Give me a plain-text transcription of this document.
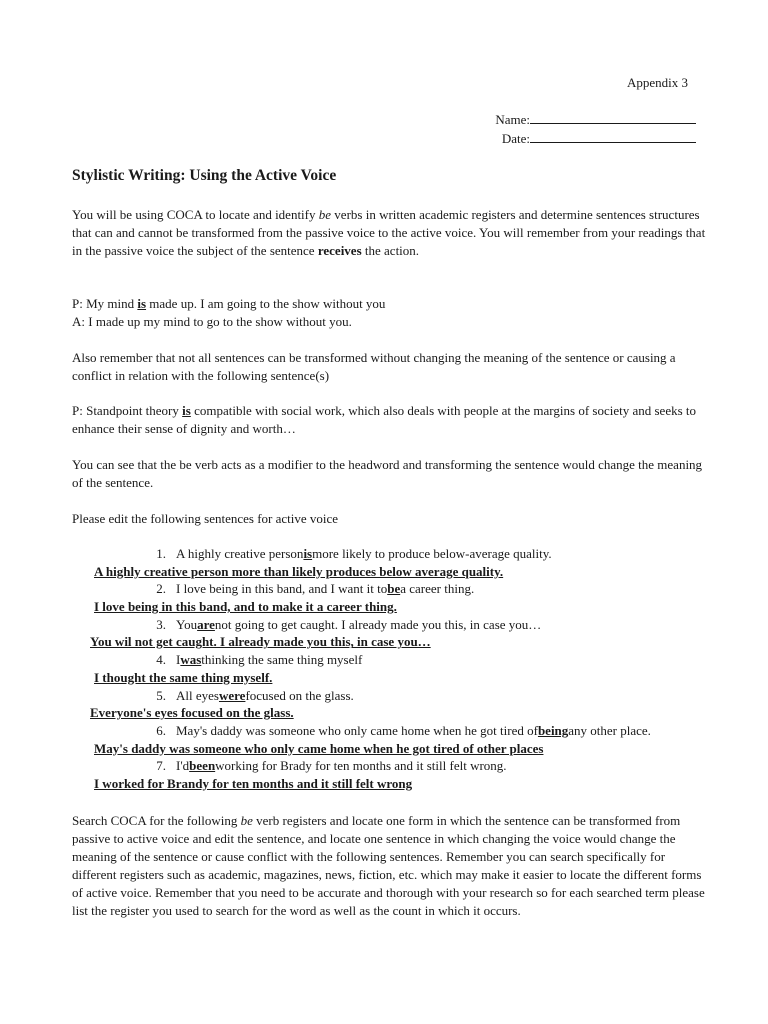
Appendix 3
Name:
Date:
Stylistic Writing: Using the Active Voice
You will be using COCA to locate and identify be verbs in written academic registers and determine sentences structures that can and cannot be transformed from the passive voice to the active voice. You will remember from your readings that in the passive voice the subject of the sentence receives the action.
P: My mind is made up. I am going to the show without you
A: I made up my mind to go to the show without you.
Also remember that not all sentences can be transformed without changing the meaning of the sentence or causing a conflict in relation with the following sentence(s)
P: Standpoint theory is compatible with social work, which also deals with people at the margins of society and seeks to enhance their sense of dignity and worth…
You can see that the be verb acts as a modifier to the headword and transforming the sentence would change the meaning of the sentence.
Please edit the following sentences for active voice
1. A highly creative person is more likely to produce below-average quality.
A highly creative person more than likely produces below average quality.
2. I love being in this band, and I want it to be a career thing.
I love being in this band, and to make it a career thing.
3. You are not going to get caught. I already made you this, in case you…
You wil not get caught. I already made you this, in case you…
4. I was thinking the same thing myself
I thought the same thing myself.
5. All eyes were focused on the glass.
Everyone's eyes focused on the glass.
6. May's daddy was someone who only came home when he got tired of being any other place.
May's daddy was someone who only came home when he got tired of other places
7. I'd been working for Brady for ten months and it still felt wrong.
I worked for Brandy for ten months and it still felt wrong
Search COCA for the following be verb registers and locate one form in which the sentence can be transformed from passive to active voice and edit the sentence, and locate one sentence in which changing the voice would change the meaning of the sentence or cause conflict with the following sentences. Remember you can search specifically for different registers such as academic, magazines, news, fiction, etc. which may make it easier to locate the different forms of active voice. Remember that you need to be accurate and thorough with your research so for each searched term please list the register you used to search for the word as well as the count in which it occurs.
